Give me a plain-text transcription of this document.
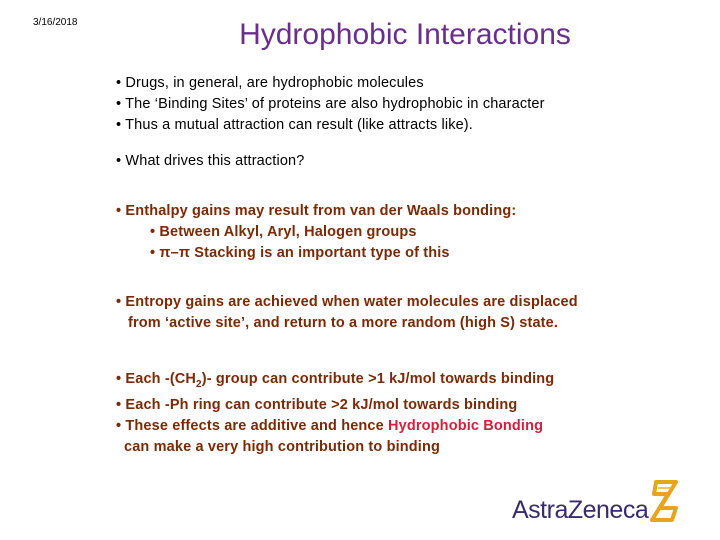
3/16/2018	Hydrophobic Interactions
• Drugs, in general, are hydrophobic molecules
• The ‘Binding Sites’ of proteins are also hydrophobic in character
• Thus a mutual attraction can result (like attracts like).
• What drives this attraction?
• Enthalpy gains may result from van der Waals bonding:
• Between Alkyl, Aryl, Halogen groups
• π–π Stacking is an important type of this
• Entropy gains are achieved when water molecules are displaced
from ‘active site’, and return to a more random (high S) state.
• Each $-(CH_2)-$ group can contribute >1 kJ/mol towards binding
• Each -Ph ring can contribute >2 kJ/mol towards binding
• These effects are additive and hence Hydrophobic Bonding
can make a very high contribution to binding
AstraZeneca
